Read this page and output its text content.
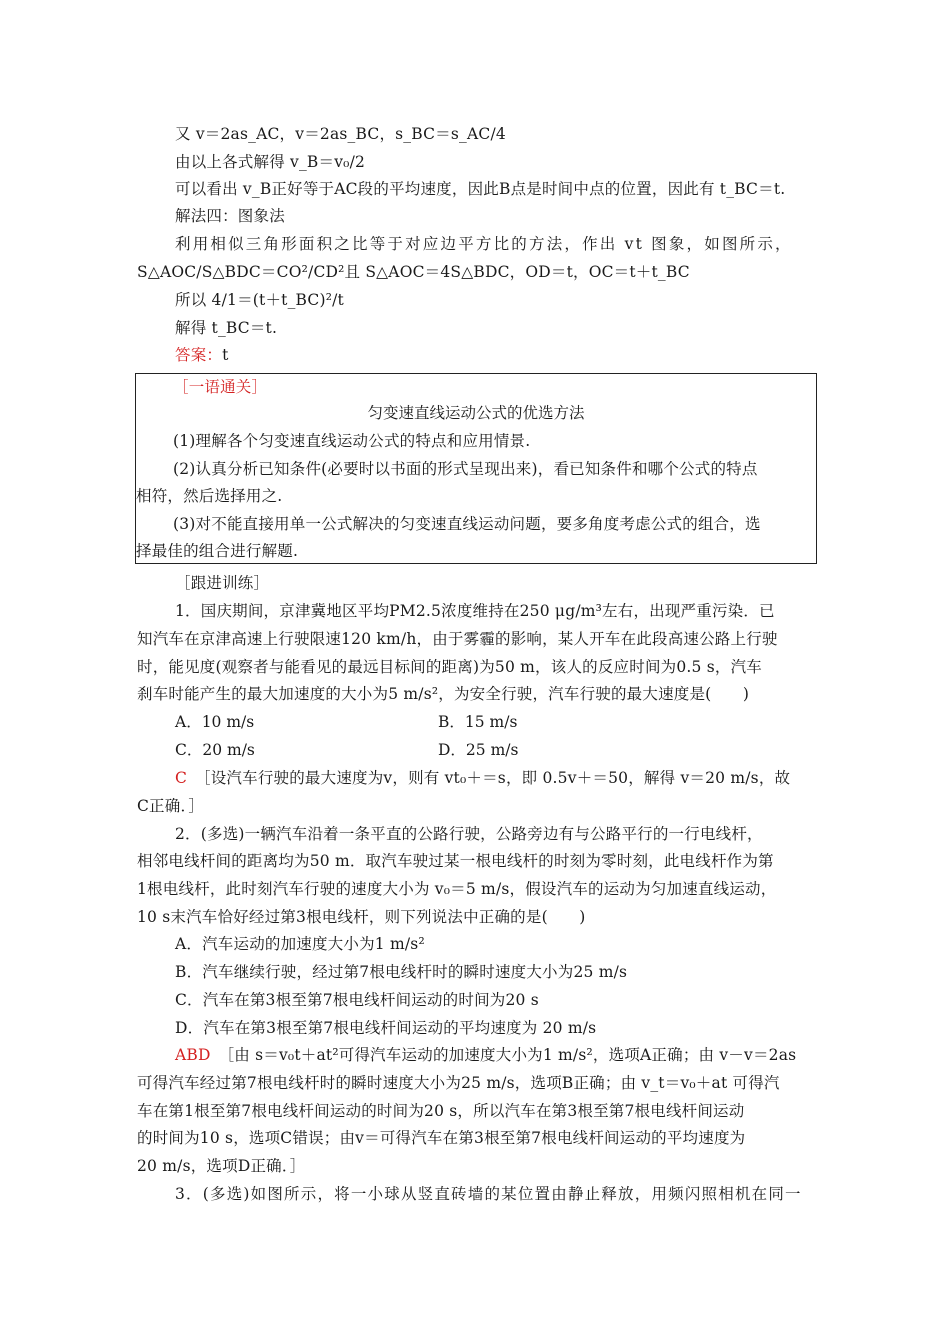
又 v＝2as_AC，v＝2as_BC，s_BC＝s_AC/4
由以上各式解得 v_B＝v₀/2
可以看出 v_B正好等于AC段的平均速度，因此B点是时间中点的位置，因此有 t_BC＝t.
解法四：图象法
利用相似三角形面积之比等于对应边平方比的方法，作出 vt 图象，如图所示，
S△AOC/S△BDC＝CO²/CD²且 S△AOC＝4S△BDC，OD＝t，OC＝t＋t_BC
所以 4/1＝(t＋t_BC)²/t
解得 t_BC＝t.
答案：t
［一语通关］
匀变速直线运动公式的优选方法
(1)理解各个匀变速直线运动公式的特点和应用情景.
(2)认真分析已知条件(必要时以书面的形式呈现出来)，看已知条件和哪个公式的特点
相符，然后选择用之.
(3)对不能直接用单一公式解决的匀变速直线运动问题，要多角度考虑公式的组合，选
择最佳的组合进行解题.
［跟进训练］
1．国庆期间，京津冀地区平均PM2.5浓度维持在250 μg/m³左右，出现严重污染．已
知汽车在京津高速上行驶限速120 km/h，由于雾霾的影响，某人开车在此段高速公路上行驶
时，能见度(观察者与能看见的最远目标间的距离)为50 m，该人的反应时间为0.5 s，汽车
刹车时能产生的最大加速度的大小为5 m/s²，为安全行驶，汽车行驶的最大速度是(　　)
A．10 m/s	B．15 m/s
C．20 m/s	D．25 m/s
C　 ［设汽车行驶的最大速度为v，则有 vt₀＋＝s，即 0.5v＋＝50，解得 v＝20 m/s，故
C正确．］
2．(多选)一辆汽车沿着一条平直的公路行驶，公路旁边有与公路平行的一行电线杆，
相邻电线杆间的距离均为50 m．取汽车驶过某一根电线杆的时刻为零时刻，此电线杆作为第
1根电线杆，此时刻汽车行驶的速度大小为 v₀＝5 m/s，假设汽车的运动为匀加速直线运动，
10 s末汽车恰好经过第3根电线杆，则下列说法中正确的是(　　)
A．汽车运动的加速度大小为1 m/s²
B．汽车继续行驶，经过第7根电线杆时的瞬时速度大小为25 m/s
C．汽车在第3根至第7根电线杆间运动的时间为20 s
D．汽车在第3根至第7根电线杆间运动的平均速度为 20 m/s
ABD　 ［由 s＝v₀t＋at²可得汽车运动的加速度大小为1 m/s²，选项A正确；由 v－v＝2as
可得汽车经过第7根电线杆时的瞬时速度大小为25 m/s，选项B正确；由 v_t＝v₀＋at 可得汽
车在第1根至第7根电线杆间运动的时间为20 s，所以汽车在第3根至第7根电线杆间运动
的时间为10 s，选项C错误；由v＝可得汽车在第3根至第7根电线杆间运动的平均速度为
20 m/s，选项D正确．］
3．(多选)如图所示，将一小球从竖直砖墙的某位置由静止释放，用频闪照相机在同一
